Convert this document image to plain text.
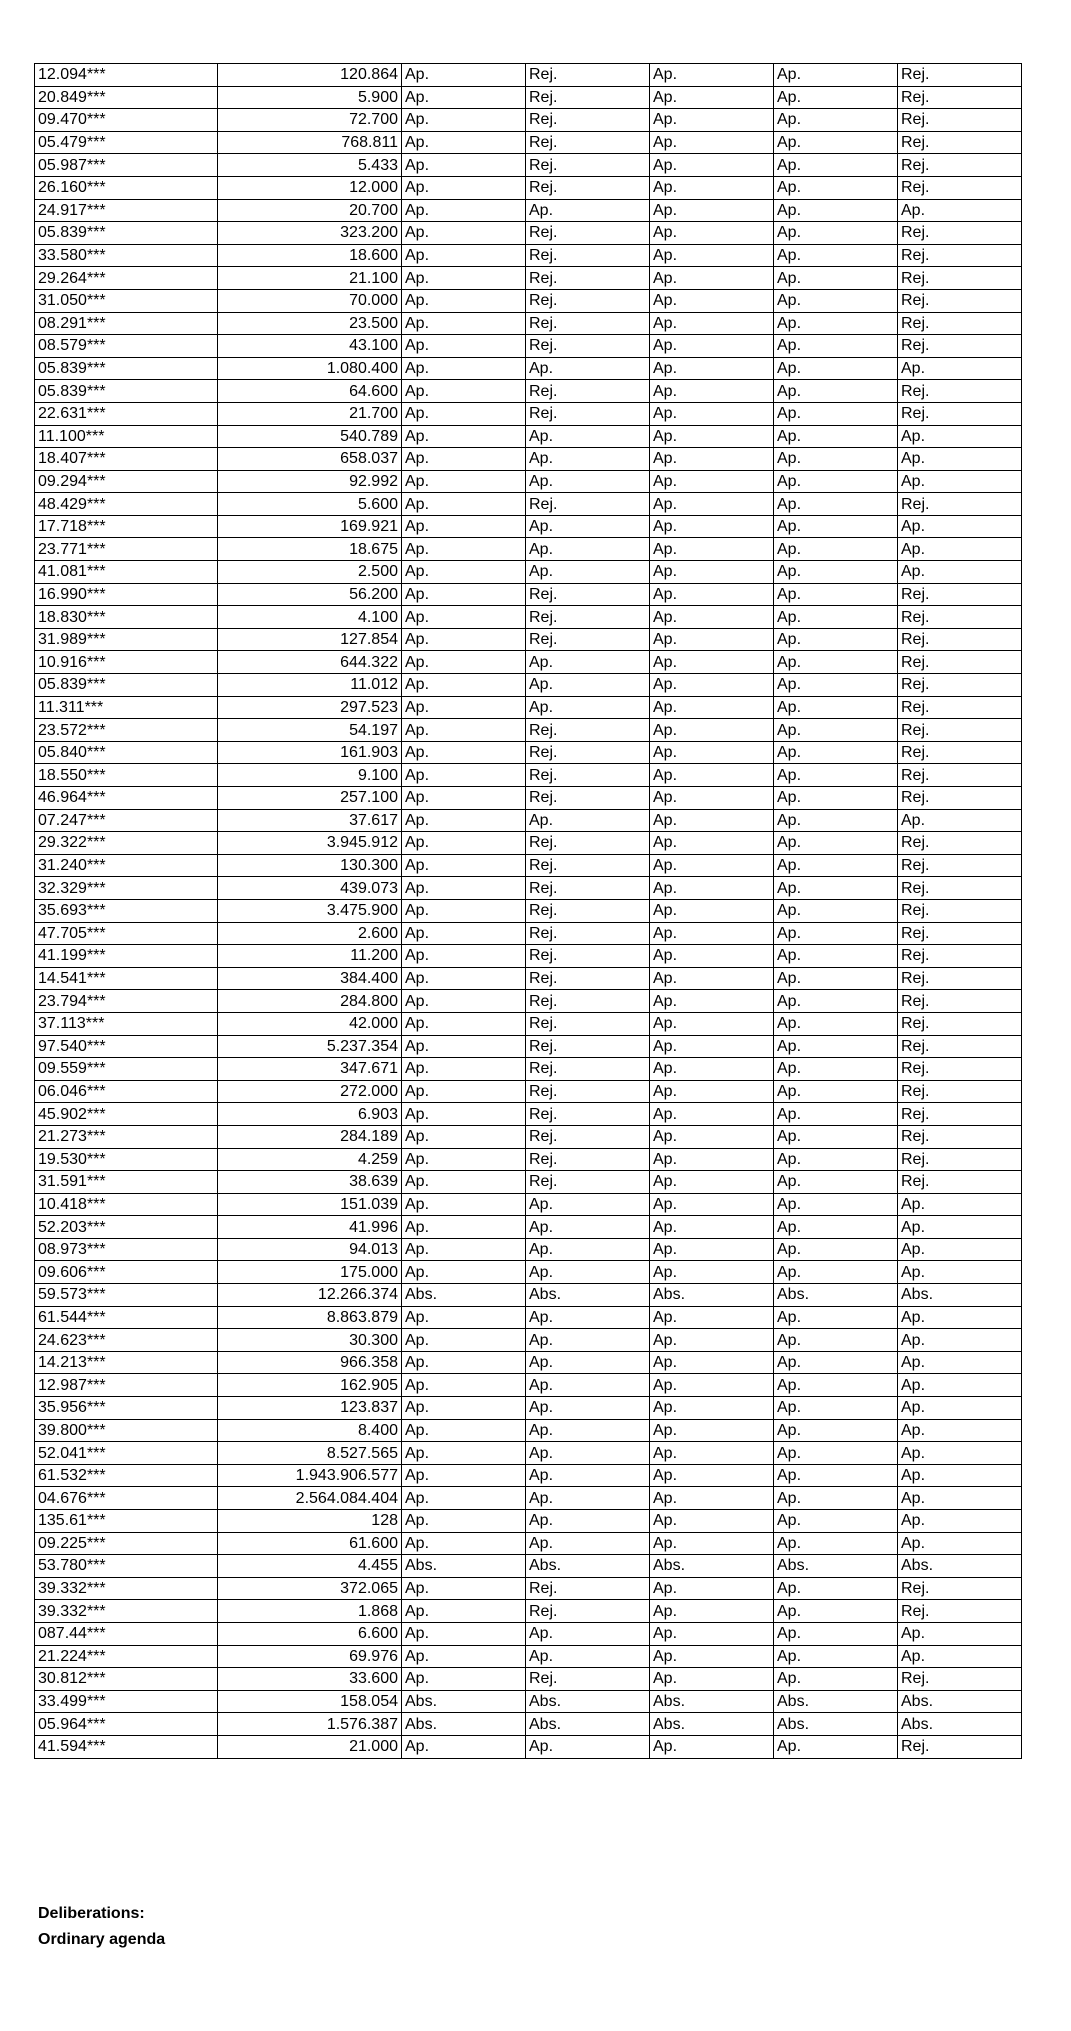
12.094***	120.864	Ap.	Rej.	Ap.	Ap.	Rej.
20.849***	5.900	Ap.	Rej.	Ap.	Ap.	Rej.
09.470***	72.700	Ap.	Rej.	Ap.	Ap.	Rej.
05.479***	768.811	Ap.	Rej.	Ap.	Ap.	Rej.
05.987***	5.433	Ap.	Rej.	Ap.	Ap.	Rej.
26.160***	12.000	Ap.	Rej.	Ap.	Ap.	Rej.
24.917***	20.700	Ap.	Ap.	Ap.	Ap.	Ap.
05.839***	323.200	Ap.	Rej.	Ap.	Ap.	Rej.
33.580***	18.600	Ap.	Rej.	Ap.	Ap.	Rej.
29.264***	21.100	Ap.	Rej.	Ap.	Ap.	Rej.
31.050***	70.000	Ap.	Rej.	Ap.	Ap.	Rej.
08.291***	23.500	Ap.	Rej.	Ap.	Ap.	Rej.
08.579***	43.100	Ap.	Rej.	Ap.	Ap.	Rej.
05.839***	1.080.400	Ap.	Ap.	Ap.	Ap.	Ap.
05.839***	64.600	Ap.	Rej.	Ap.	Ap.	Rej.
22.631***	21.700	Ap.	Rej.	Ap.	Ap.	Rej.
11.100***	540.789	Ap.	Ap.	Ap.	Ap.	Ap.
18.407***	658.037	Ap.	Ap.	Ap.	Ap.	Ap.
09.294***	92.992	Ap.	Ap.	Ap.	Ap.	Ap.
48.429***	5.600	Ap.	Rej.	Ap.	Ap.	Rej.
17.718***	169.921	Ap.	Ap.	Ap.	Ap.	Ap.
23.771***	18.675	Ap.	Ap.	Ap.	Ap.	Ap.
41.081***	2.500	Ap.	Ap.	Ap.	Ap.	Ap.
16.990***	56.200	Ap.	Rej.	Ap.	Ap.	Rej.
18.830***	4.100	Ap.	Rej.	Ap.	Ap.	Rej.
31.989***	127.854	Ap.	Rej.	Ap.	Ap.	Rej.
10.916***	644.322	Ap.	Ap.	Ap.	Ap.	Rej.
05.839***	11.012	Ap.	Ap.	Ap.	Ap.	Rej.
11.311***	297.523	Ap.	Ap.	Ap.	Ap.	Rej.
23.572***	54.197	Ap.	Rej.	Ap.	Ap.	Rej.
05.840***	161.903	Ap.	Rej.	Ap.	Ap.	Rej.
18.550***	9.100	Ap.	Rej.	Ap.	Ap.	Rej.
46.964***	257.100	Ap.	Rej.	Ap.	Ap.	Rej.
07.247***	37.617	Ap.	Ap.	Ap.	Ap.	Ap.
29.322***	3.945.912	Ap.	Rej.	Ap.	Ap.	Rej.
31.240***	130.300	Ap.	Rej.	Ap.	Ap.	Rej.
32.329***	439.073	Ap.	Rej.	Ap.	Ap.	Rej.
35.693***	3.475.900	Ap.	Rej.	Ap.	Ap.	Rej.
47.705***	2.600	Ap.	Rej.	Ap.	Ap.	Rej.
41.199***	11.200	Ap.	Rej.	Ap.	Ap.	Rej.
14.541***	384.400	Ap.	Rej.	Ap.	Ap.	Rej.
23.794***	284.800	Ap.	Rej.	Ap.	Ap.	Rej.
37.113***	42.000	Ap.	Rej.	Ap.	Ap.	Rej.
97.540***	5.237.354	Ap.	Rej.	Ap.	Ap.	Rej.
09.559***	347.671	Ap.	Rej.	Ap.	Ap.	Rej.
06.046***	272.000	Ap.	Rej.	Ap.	Ap.	Rej.
45.902***	6.903	Ap.	Rej.	Ap.	Ap.	Rej.
21.273***	284.189	Ap.	Rej.	Ap.	Ap.	Rej.
19.530***	4.259	Ap.	Rej.	Ap.	Ap.	Rej.
31.591***	38.639	Ap.	Rej.	Ap.	Ap.	Rej.
10.418***	151.039	Ap.	Ap.	Ap.	Ap.	Ap.
52.203***	41.996	Ap.	Ap.	Ap.	Ap.	Ap.
08.973***	94.013	Ap.	Ap.	Ap.	Ap.	Ap.
09.606***	175.000	Ap.	Ap.	Ap.	Ap.	Ap.
59.573***	12.266.374	Abs.	Abs.	Abs.	Abs.	Abs.
61.544***	8.863.879	Ap.	Ap.	Ap.	Ap.	Ap.
24.623***	30.300	Ap.	Ap.	Ap.	Ap.	Ap.
14.213***	966.358	Ap.	Ap.	Ap.	Ap.	Ap.
12.987***	162.905	Ap.	Ap.	Ap.	Ap.	Ap.
35.956***	123.837	Ap.	Ap.	Ap.	Ap.	Ap.
39.800***	8.400	Ap.	Ap.	Ap.	Ap.	Ap.
52.041***	8.527.565	Ap.	Ap.	Ap.	Ap.	Ap.
61.532***	1.943.906.577	Ap.	Ap.	Ap.	Ap.	Ap.
04.676***	2.564.084.404	Ap.	Ap.	Ap.	Ap.	Ap.
135.61***	128	Ap.	Ap.	Ap.	Ap.	Ap.
09.225***	61.600	Ap.	Ap.	Ap.	Ap.	Ap.
53.780***	4.455	Abs.	Abs.	Abs.	Abs.	Abs.
39.332***	372.065	Ap.	Rej.	Ap.	Ap.	Rej.
39.332***	1.868	Ap.	Rej.	Ap.	Ap.	Rej.
087.44***	6.600	Ap.	Ap.	Ap.	Ap.	Ap.
21.224***	69.976	Ap.	Ap.	Ap.	Ap.	Ap.
30.812***	33.600	Ap.	Rej.	Ap.	Ap.	Rej.
33.499***	158.054	Abs.	Abs.	Abs.	Abs.	Abs.
05.964***	1.576.387	Abs.	Abs.	Abs.	Abs.	Abs.
41.594***	21.000	Ap.	Ap.	Ap.	Ap.	Rej.
Deliberations:
Ordinary agenda
